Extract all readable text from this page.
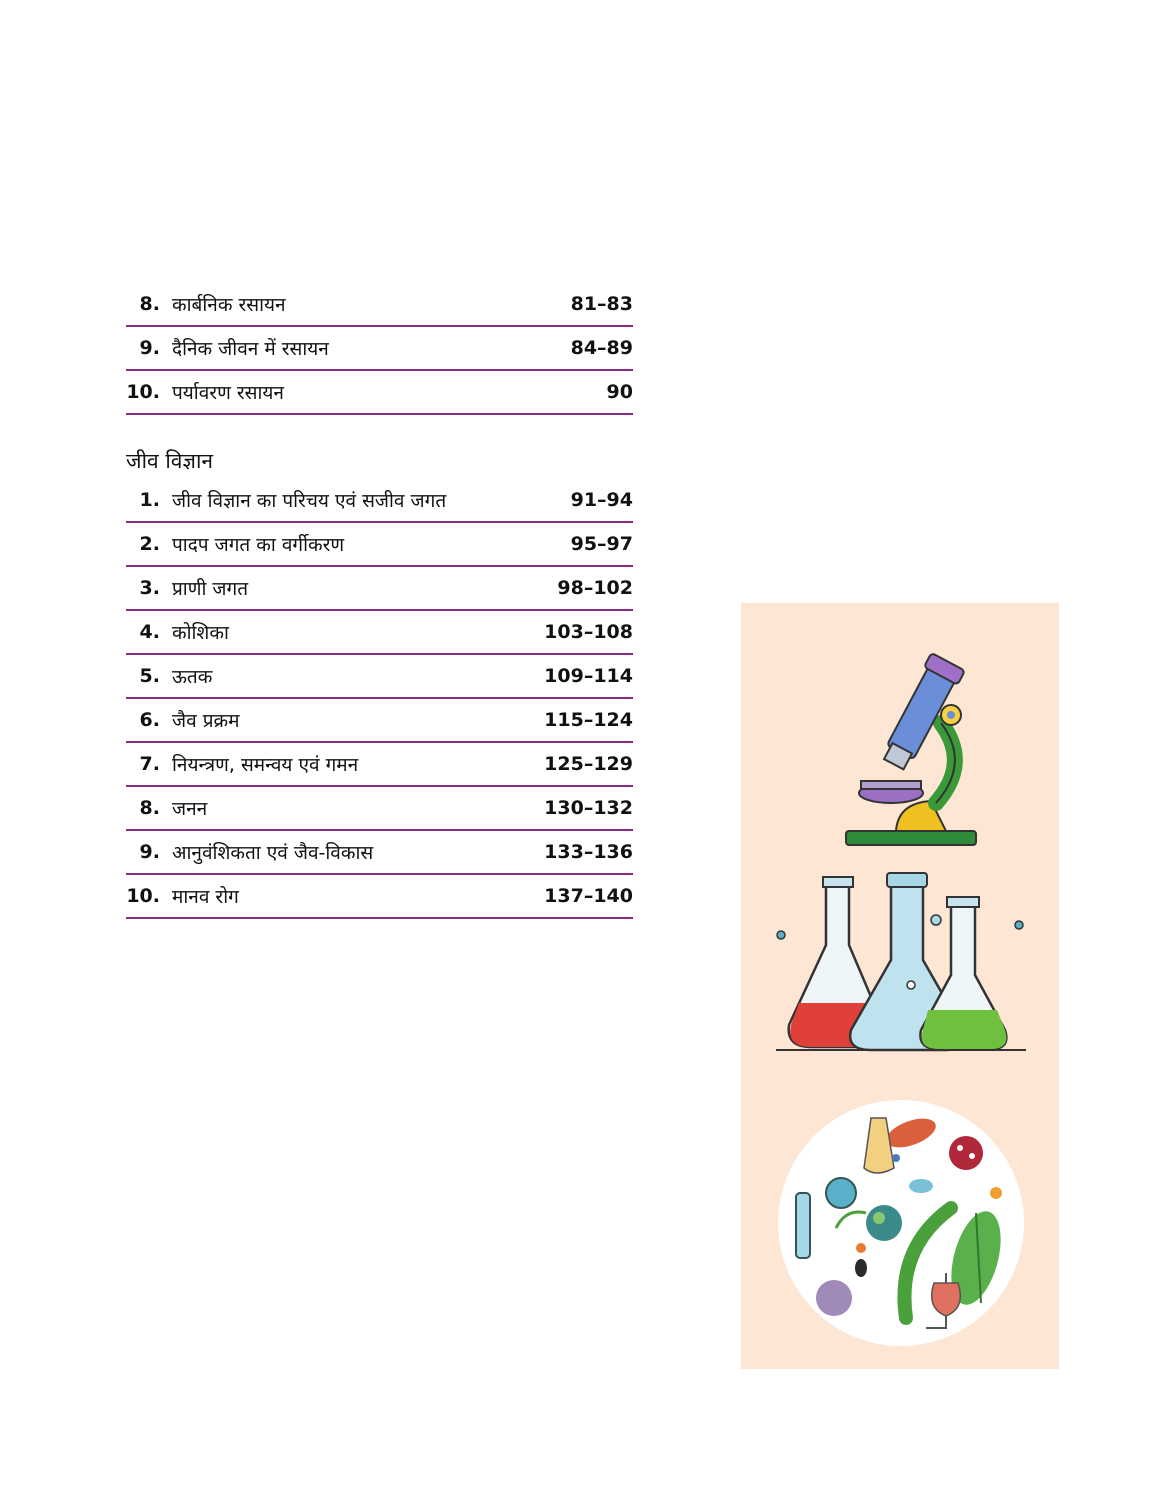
8. कार्बनिक रसायन	81–83
9. दैनिक जीवन में रसायन	84–89
10. पर्यावरण रसायन	90
जीव विज्ञान
1. जीव विज्ञान का परिचय एवं सजीव जगत	91–94
2. पादप जगत का वर्गीकरण	95–97
3. प्राणी जगत	98–102
4. कोशिका	103–108
5. ऊतक	109–114
6. जैव प्रक्रम	115–124
7. नियन्त्रण, समन्वय एवं गमन	125–129
8. जनन	130–132
9. आनुवंशिकता एवं जैव-विकास	133–136
10. मानव रोग	137–140
